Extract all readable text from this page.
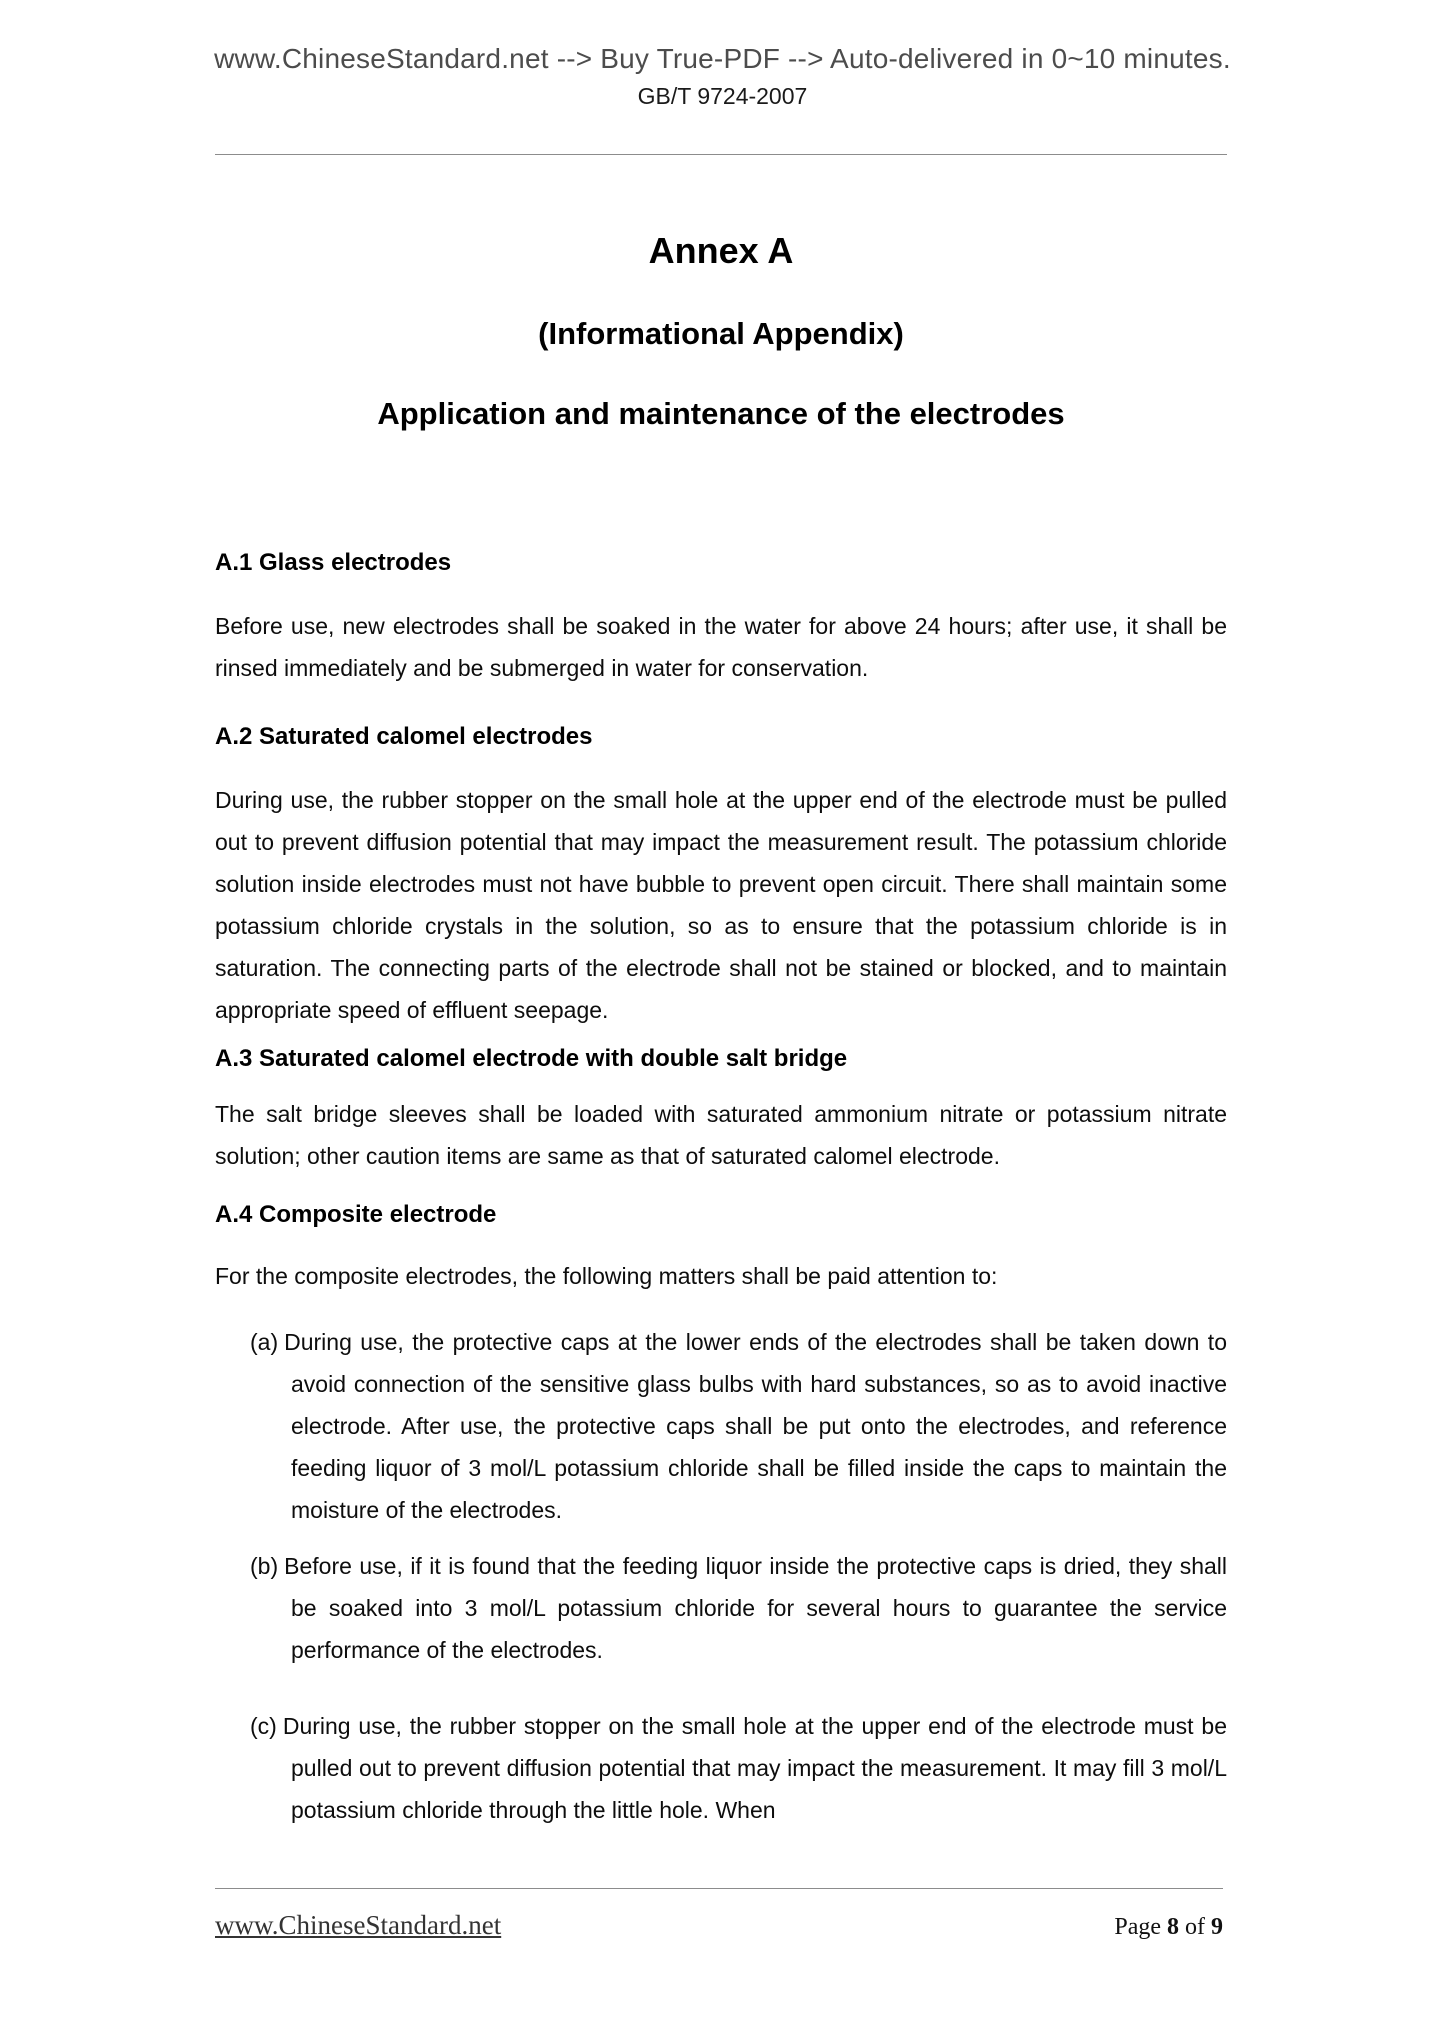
www.ChineseStandard.net --> Buy True-PDF --> Auto-delivered in 0~10 minutes.
GB/T 9724-2007
Annex A
(Informational Appendix)
Application and maintenance of the electrodes
A.1 Glass electrodes

Before use, new electrodes shall be soaked in the water for above 24 hours; after use, it shall be rinsed immediately and be submerged in water for conservation.

A.2 Saturated calomel electrodes

During use, the rubber stopper on the small hole at the upper end of the electrode must be pulled out to prevent diffusion potential that may impact the measurement result. The potassium chloride solution inside electrodes must not have bubble to prevent open circuit. There shall maintain some potassium chloride crystals in the solution, so as to ensure that the potassium chloride is in saturation. The connecting parts of the electrode shall not be stained or blocked, and to maintain appropriate speed of effluent seepage.

A.3 Saturated calomel electrode with double salt bridge

The salt bridge sleeves shall be loaded with saturated ammonium nitrate or potassium nitrate solution; other caution items are same as that of saturated calomel electrode.

A.4 Composite electrode

For the composite electrodes, the following matters shall be paid attention to:

(a) During use, the protective caps at the lower ends of the electrodes shall be taken down to avoid connection of the sensitive glass bulbs with hard substances, so as to avoid inactive electrode. After use, the protective caps shall be put onto the electrodes, and reference feeding liquor of 3 mol/L potassium chloride shall be filled inside the caps to maintain the moisture of the electrodes.
(b) Before use, if it is found that the feeding liquor inside the protective caps is dried, they shall be soaked into 3 mol/L potassium chloride for several hours to guarantee the service performance of the electrodes.
(c) During use, the rubber stopper on the small hole at the upper end of the electrode must be pulled out to prevent diffusion potential that may impact the measurement. It may fill 3 mol/L potassium chloride through the little hole. When
www.ChineseStandard.net	Page 8 of 9
